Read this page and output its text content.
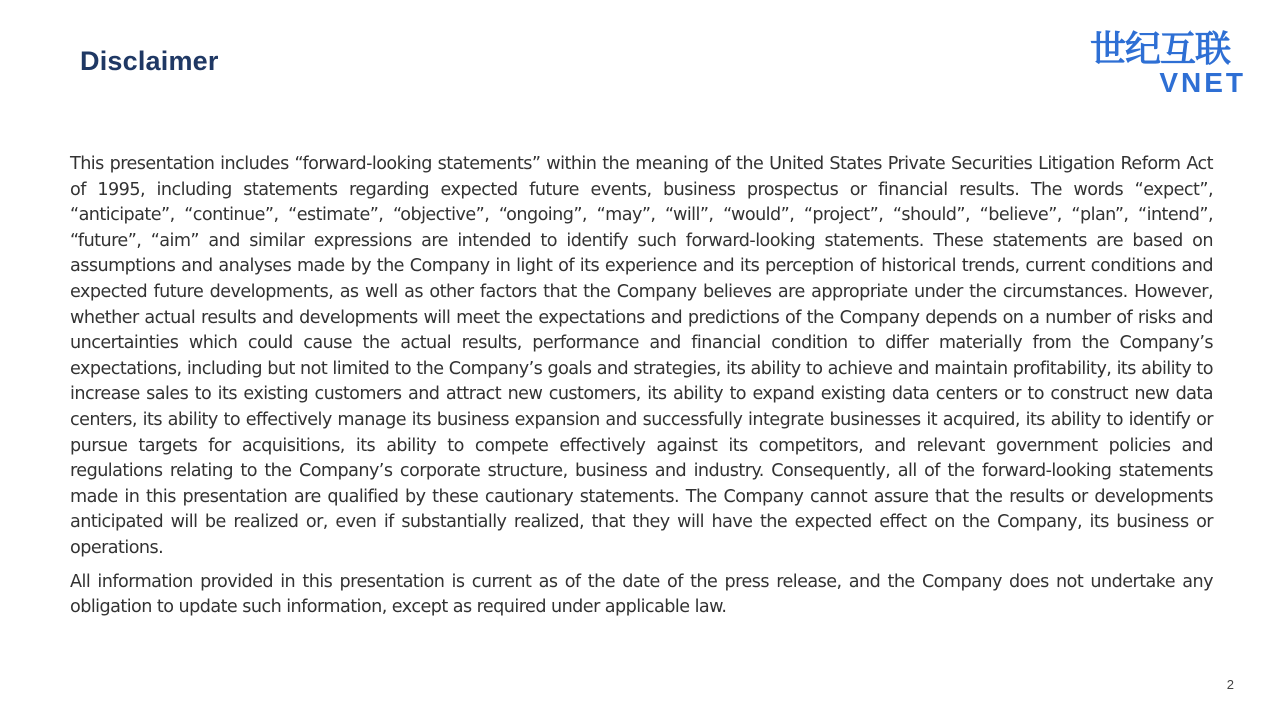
Disclaimer	世纪互联
VNET

This presentation includes “forward-looking statements” within the meaning of the United States Private Securities Litigation Reform Act of 1995, including statements regarding expected future events, business prospectus or financial results. The words “expect”, “anticipate”, “continue”, “estimate”, “objective”, “ongoing”, “may”, “will”, “would”, “project”, “should”, “believe”, “plan”, “intend”, “future”, “aim” and similar expressions are intended to identify such forward-looking statements. These statements are based on assumptions and analyses made by the Company in light of its experience and its perception of historical trends, current conditions and expected future developments, as well as other factors that the Company believes are appropriate under the circumstances. However, whether actual results and developments will meet the expectations and predictions of the Company depends on a number of risks and uncertainties which could cause the actual results, performance and financial condition to differ materially from the Company’s expectations, including but not limited to the Company’s goals and strategies, its ability to achieve and maintain profitability, its ability to increase sales to its existing customers and attract new customers, its ability to expand existing data centers or to construct new data centers, its ability to effectively manage its business expansion and successfully integrate businesses it acquired, its ability to identify or pursue targets for acquisitions, its ability to compete effectively against its competitors, and relevant government policies and regulations relating to the Company’s corporate structure, business and industry. Consequently, all of the forward-looking statements made in this presentation are qualified by these cautionary statements. The Company cannot assure that the results or developments anticipated will be realized or, even if substantially realized, that they will have the expected effect on the Company, its business or operations.

All information provided in this presentation is current as of the date of the press release, and the Company does not undertake any obligation to update such information, except as required under applicable law.

2
